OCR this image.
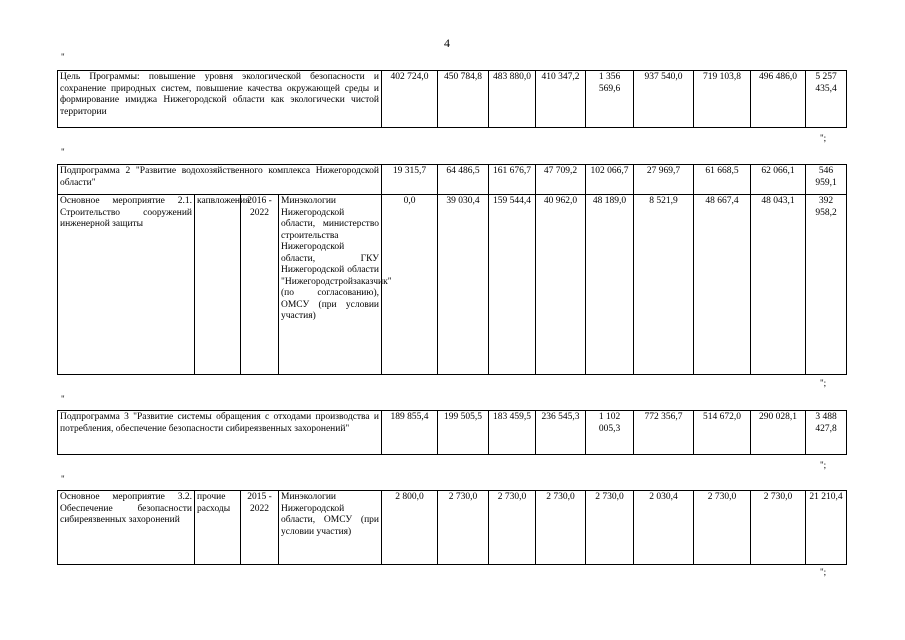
4
"
Цель Программы: повышение уровня экологической безопасности и сохранение природных систем, повышение качества окружающей среды и формирование имиджа Нижегородской области как экологически чистой территории	402 724,0	450 784,8	483 880,0	410 347,2	1 356 569,6	937 540,0	719 103,8	496 486,0	5 257 435,4
";
"
Подпрограмма 2 "Развитие водохозяйственного комплекса Нижегородской области"				19 315,7	64 486,5	161 676,7	47 709,2	102 066,7	27 969,7	61 668,5	62 066,1	546 959,1
Основное мероприятие 2.1. Строительство сооружений инженерной защиты	капвложения	2016 - 2022	Минэкологии Нижегородской области, министерство строительства Нижегородской области, ГКУ Нижегородской области "Нижегородстройзаказчик" (по согласованию), ОМСУ (при условии участия)	0,0	39 030,4	159 544,4	40 962,0	48 189,0	8 521,9	48 667,4	48 043,1	392 958,2
";
"
Подпрограмма 3 "Развитие системы обращения с отходами производства и потребления, обеспечение безопасности сибиреязвенных захоронений"	189 855,4	199 505,5	183 459,5	236 545,3	1 102 005,3	772 356,7	514 672,0	290 028,1	3 488 427,8
";
"
Основное мероприятие 3.2. Обеспечение безопасности сибиреязвенных захоронений	прочие расходы	2015 - 2022	Минэкологии Нижегородской области, ОМСУ (при условии участия)	2 800,0	2 730,0	2 730,0	2 730,0	2 730,0	2 030,4	2 730,0	2 730,0	21 210,4
";
